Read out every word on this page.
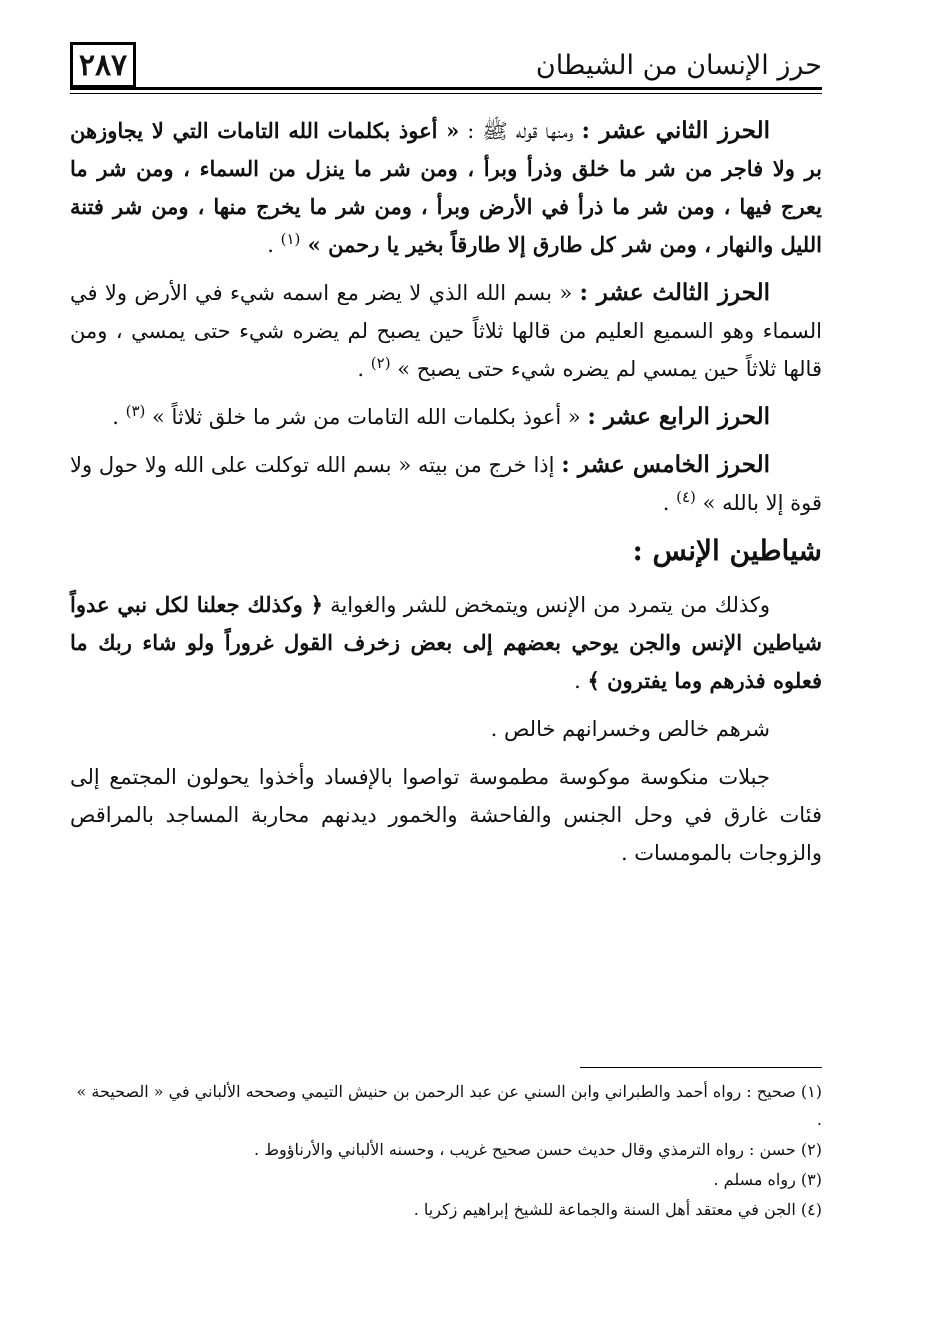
٢٨٧	حرز الإنسان من الشيطان

الحرز الثاني عشر : ومنها قوله ﷺ : « أعوذ بكلمات الله التامات التي لا يجاوزهن بر ولا فاجر من شر ما خلق وذرأ وبرأ ، ومن شر ما ينزل من السماء ، ومن شر ما يعرج فيها ، ومن شر ما ذرأ في الأرض وبرأ ، ومن شر ما يخرج منها ، ومن شر فتنة الليل والنهار ، ومن شر كل طارق إلا طارقاً بخير يا رحمن » $^{(١)}$ .

الحرز الثالث عشر : « بسم الله الذي لا يضر مع اسمه شيء في الأرض ولا في السماء وهو السميع العليم من قالها ثلاثاً حين يصبح لم يضره شيء حتى يمسي ، ومن قالها ثلاثاً حين يمسي لم يضره شيء حتى يصبح » $^{(٢)}$ .

الحرز الرابع عشر : « أعوذ بكلمات الله التامات من شر ما خلق ثلاثاً » $^{(٣)}$ .

الحرز الخامس عشر : إذا خرج من بيته « بسم الله توكلت على الله ولا حول ولا قوة إلا بالله » $^{(٤)}$ .

شياطين الإنس :

وكذلك من يتمرد من الإنس ويتمخض للشر والغواية ﴿ وكذلك جعلنا لكل نبي عدواً شياطين الإنس والجن يوحي بعضهم إلى بعض زخرف القول غروراً ولو شاء ربك ما فعلوه فذرهم وما يفترون ﴾ .

شرهم خالص وخسرانهم خالص .

جبلات منكوسة موكوسة مطموسة تواصوا بالإفساد وأخذوا يحولون المجتمع إلى فئات غارق في وحل الجنس والفاحشة والخمور ديدنهم محاربة المساجد بالمراقص والزوجات بالمومسات .

(١) صحيح : رواه أحمد والطبراني وابن السني عن عبد الرحمن بن حنيش التيمي وصححه الألباني في « الصحيحة » .

(٢) حسن : رواه الترمذي وقال حديث حسن صحيح غريب ، وحسنه الألباني والأرناؤوط .

(٣) رواه مسلم .

(٤) الجن في معتقد أهل السنة والجماعة للشيخ إبراهيم زكريا .
